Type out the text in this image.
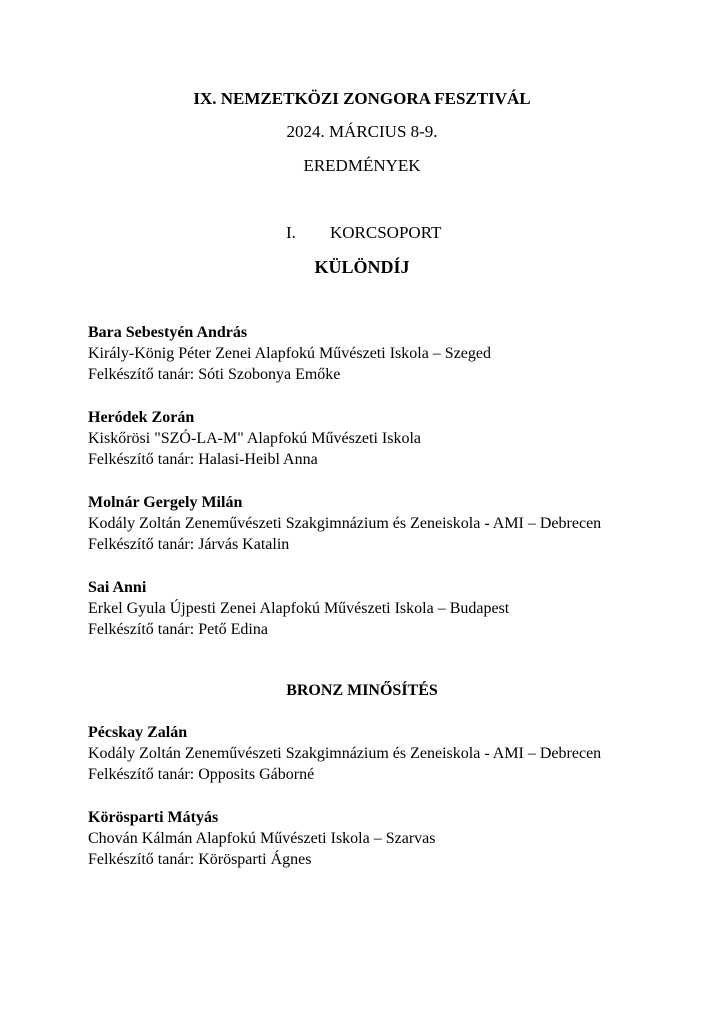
IX. NEMZETKÖZI ZONGORA FESZTIVÁL
2024. MÁRCIUS 8-9.
EREDMÉNYEK
I. KORCSOPORT
KÜLÖNDÍJ
Bara Sebestyén András
Király-König Péter Zenei Alapfokú Művészeti Iskola – Szeged
Felkészítő tanár: Sóti Szobonya Emőke
Heródek Zorán
Kiskőrösi "SZÓ-LA-M" Alapfokú Művészeti Iskola
Felkészítő tanár: Halasi-Heibl Anna
Molnár Gergely Milán
Kodály Zoltán Zeneművészeti Szakgimnázium és Zeneiskola - AMI – Debrecen
Felkészítő tanár: Járvás Katalin
Sai Anni
Erkel Gyula Újpesti Zenei Alapfokú Művészeti Iskola – Budapest
Felkészítő tanár: Pető Edina
BRONZ MINŐSÍTÉS
Pécskay Zalán
Kodály Zoltán Zeneművészeti Szakgimnázium és Zeneiskola - AMI – Debrecen
Felkészítő tanár: Opposits Gáborné
Körösparti Mátyás
Chován Kálmán Alapfokú Művészeti Iskola – Szarvas
Felkészítő tanár: Körösparti Ágnes
